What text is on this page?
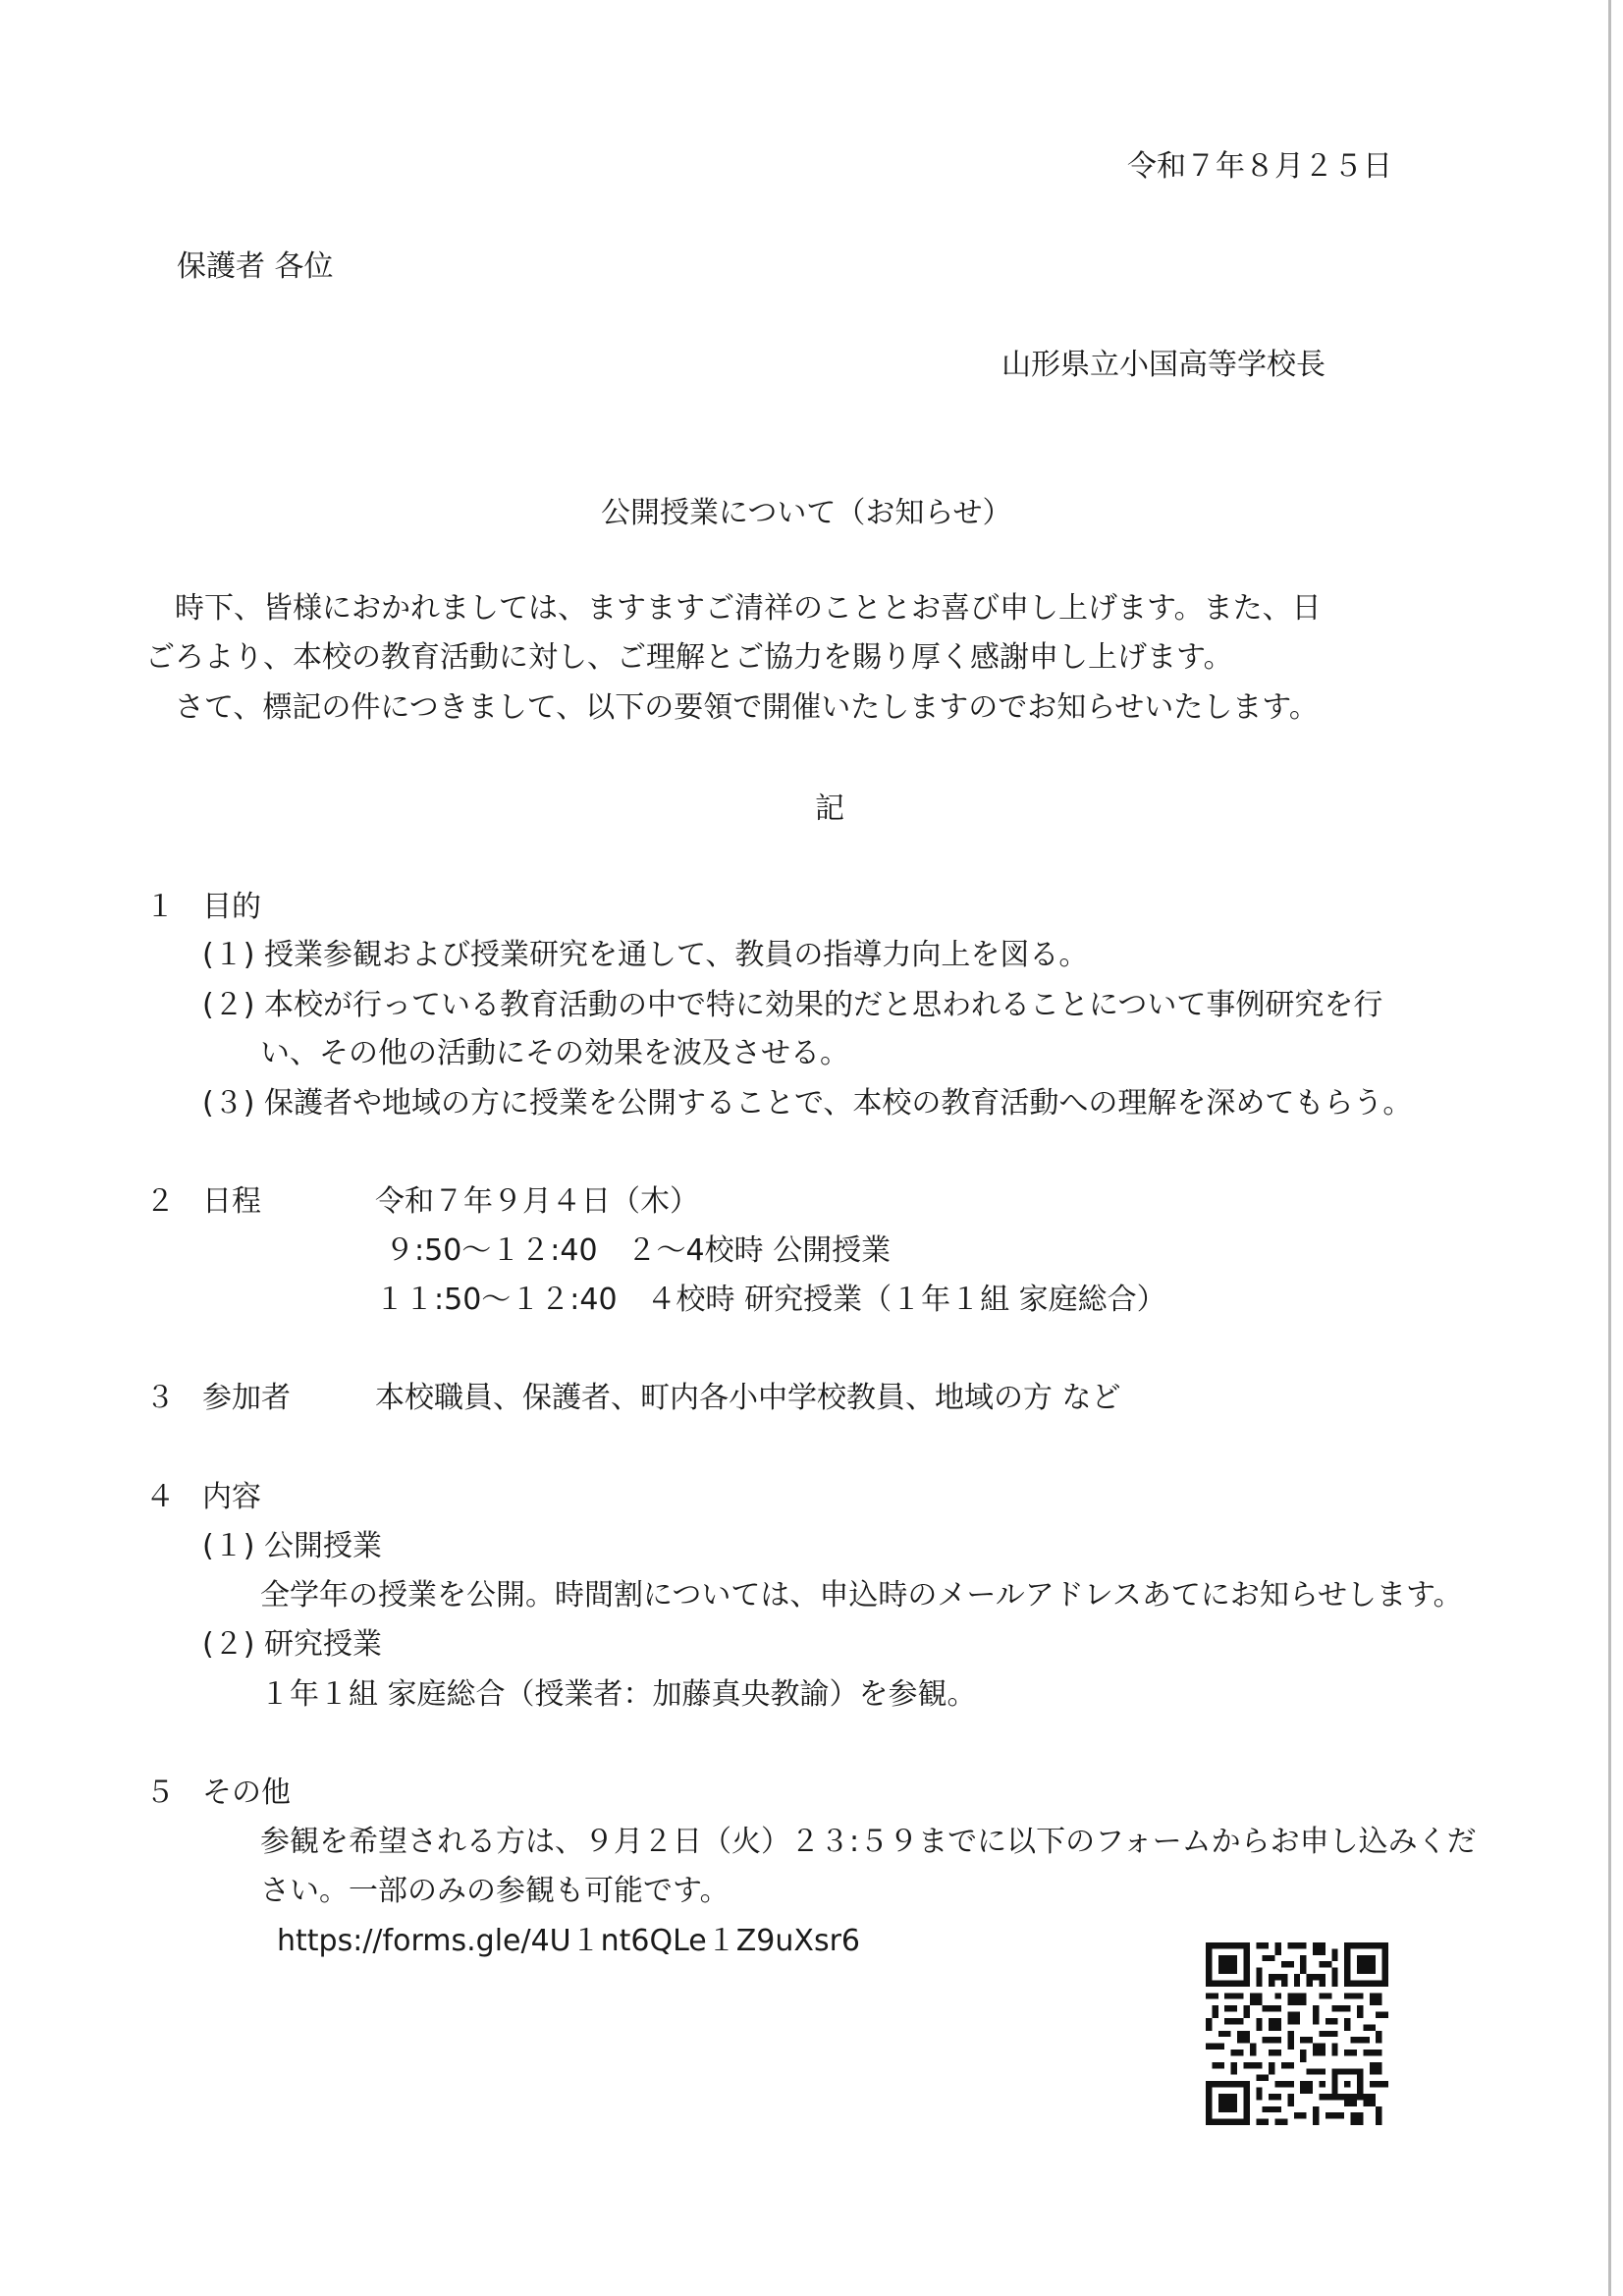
令和７年８月２５日
保護者 各位
山形県立小国高等学校長
公開授業について（お知らせ）
　時下、皆様におかれましては、ますますご清祥のこととお喜び申し上げます。また、日
ごろより、本校の教育活動に対し、ご理解とご協力を賜り厚く感謝申し上げます。
　さて、標記の件につきまして、以下の要領で開催いたしますのでお知らせいたします。
記
１ 目的
(１) 授業参観および授業研究を通して、教員の指導力向上を図る。
(２) 本校が行っている教育活動の中で特に効果的だと思われることについて事例研究を行
い、その他の活動にその効果を波及させる。
(３) 保護者や地域の方に授業を公開することで、本校の教育活動への理解を深めてもらう。
２ 日程	令和７年９月４日（木）
９:50～１２:40　２～4校時 公開授業
１１:50～１２:40　４校時 研究授業（１年１組 家庭総合）
３ 参加者	本校職員、保護者、町内各小中学校教員、地域の方 など
４ 内容
(１) 公開授業
全学年の授業を公開。時間割については、申込時のメールアドレスあてにお知らせします。
(２) 研究授業
１年１組 家庭総合（授業者：加藤真央教諭）を参観。
５ その他
参観を希望される方は、９月２日（火）２３:５９までに以下のフォームからお申し込みくだ
さい。一部のみの参観も可能です。
https://forms.gle/4U１nt6QLe１Z9uXsr6
